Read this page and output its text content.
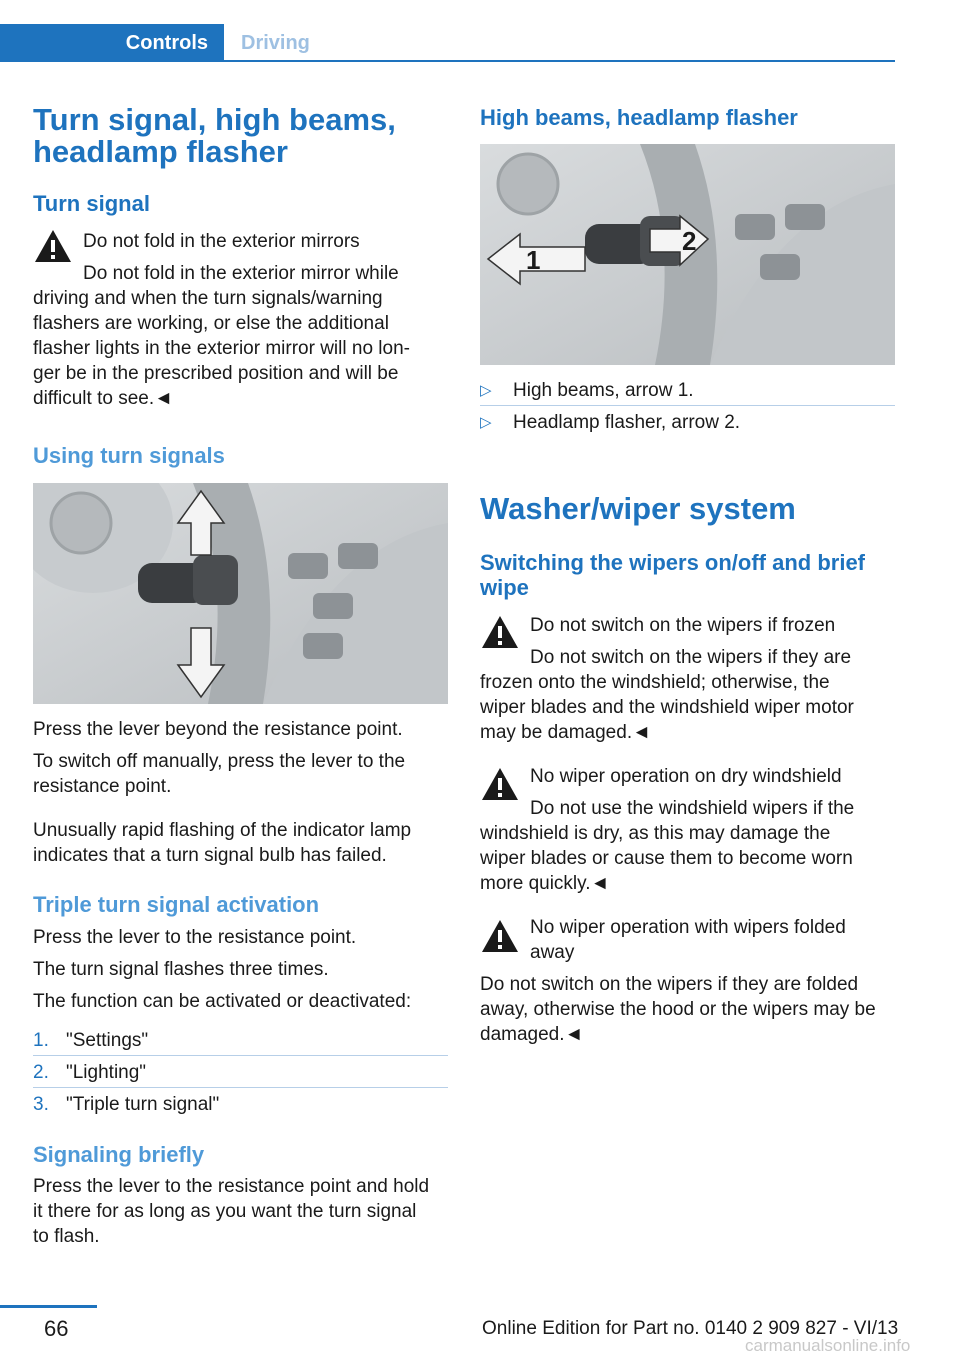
Controls	Driving
Turn signal, high beams,
headlamp flasher
Turn signal
Do not fold in the exterior mirrors
Do not fold in the exterior mirror while
driving and when the turn signals/warning
flashers are working, or else the additional
flasher lights in the exterior mirror will no lon‐
ger be in the prescribed position and will be
difficult to see.◄
Using turn signals
Press the lever beyond the resistance point.
To switch off manually, press the lever to the
resistance point.
Unusually rapid flashing of the indicator lamp
indicates that a turn signal bulb has failed.
Triple turn signal activation
Press the lever to the resistance point.
The turn signal flashes three times.
The function can be activated or deactivated:
1. "Settings"
2. "Lighting"
3. "Triple turn signal"
Signaling briefly
Press the lever to the resistance point and hold
it there for as long as you want the turn signal
to flash.
High beams, headlamp flasher
1
2
▷ High beams, arrow 1.
▷ Headlamp flasher, arrow 2.
Washer/wiper system
Switching the wipers on/off and brief
wipe
Do not switch on the wipers if frozen
Do not switch on the wipers if they are
frozen onto the windshield; otherwise, the
wiper blades and the windshield wiper motor
may be damaged.◄
No wiper operation on dry windshield
Do not use the windshield wipers if the
windshield is dry, as this may damage the
wiper blades or cause them to become worn
more quickly.◄
No wiper operation with wipers folded
away
Do not switch on the wipers if they are folded
away, otherwise the hood or the wipers may be
damaged.◄
66	Online Edition for Part no. 0140 2 909 827 - VI/13
carmanualsonline.info
